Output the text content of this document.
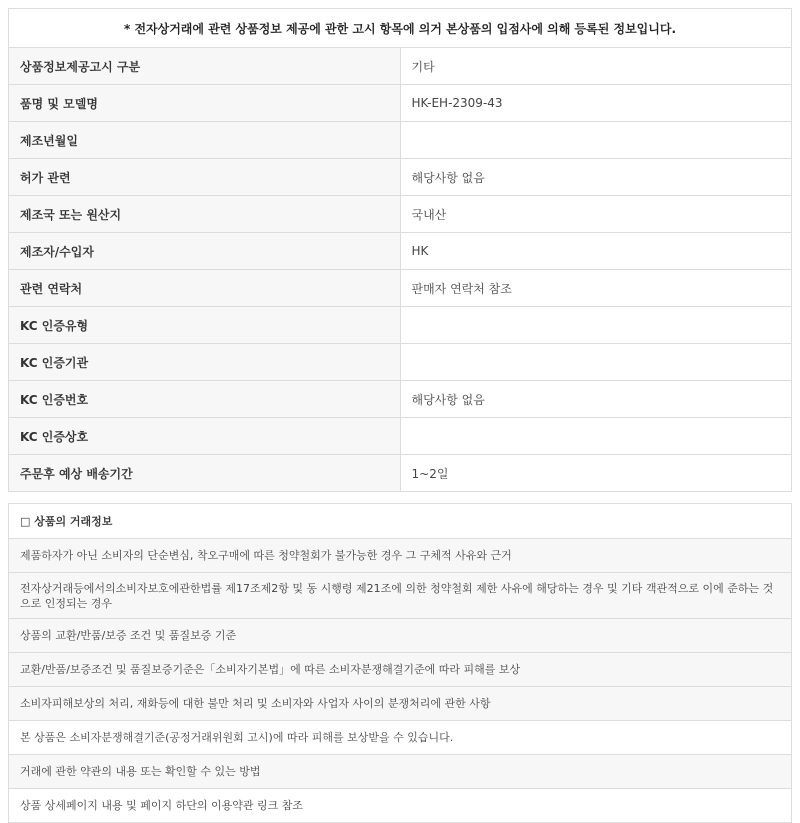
* 전자상거래에 관련 상품정보 제공에 관한 고시 항목에 의거 본상품의 입점사에 의해 등록된 정보입니다.	
상품정보제공고시 구분	기타
품명 및 모델명	HK-EH-2309-43
제조년월일	
허가 관련	해당사항 없음
제조국 또는 원산지	국내산
제조자/수입자	HK
관련 연락처	판매자 연락처 참조
KC 인증유형	
KC 인증기관	
KC 인증번호	해당사항 없음
KC 인증상호	
주문후 예상 배송기간	1~2일
□ 상품의 거래정보
제품하자가 아닌 소비자의 단순변심, 착오구매에 따른 청약철회가 불가능한 경우 그 구체적 사유와 근거
전자상거래등에서의소비자보호에관한법률 제17조제2항 및 동 시행령 제21조에 의한 청약철회 제한 사유에 해당하는 경우 및 기타 객관적으로 이에 준하는 것으로 인정되는 경우
상품의 교환/반품/보증 조건 및 품질보증 기준
교환/반품/보증조건 및 품질보증기준은「소비자기본법」에 따른 소비자분쟁해결기준에 따라 피해를 보상
소비자피해보상의 처리, 재화등에 대한 불만 처리 및 소비자와 사업자 사이의 분쟁처리에 관한 사항
본 상품은 소비자분쟁해결기준(공정거래위원회 고시)에 따라 피해를 보상받을 수 있습니다.
거래에 관한 약관의 내용 또는 확인할 수 있는 방법
상품 상세페이지 내용 및 페이지 하단의 이용약관 링크 참조
